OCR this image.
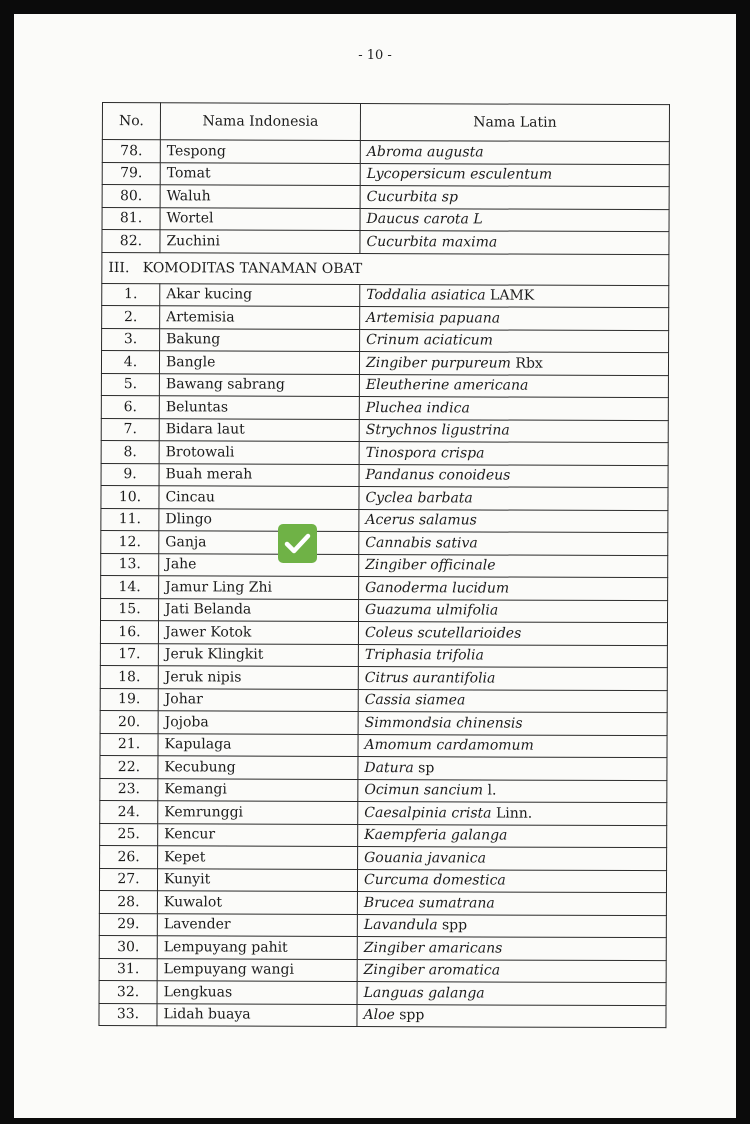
- 10 -
No.	Nama Indonesia	Nama Latin
78.	Tespong	Abroma augusta
79.	Tomat	Lycopersicum esculentum
80.	Waluh	Cucurbita sp
81.	Wortel	Daucus carota L
82.	Zuchini	Cucurbita maxima
III.   KOMODITAS TANAMAN OBAT		
1.	Akar kucing	Toddalia asiatica LAMK
2.	Artemisia	Artemisia papuana
3.	Bakung	Crinum aciaticum
4.	Bangle	Zingiber purpureum Rbx
5.	Bawang sabrang	Eleutherine americana
6.	Beluntas	Pluchea indica
7.	Bidara laut	Strychnos ligustrina
8.	Brotowali	Tinospora crispa
9.	Buah merah	Pandanus conoideus
10.	Cincau	Cyclea barbata
11.	Dlingo	Acerus salamus
12.	Ganja	Cannabis sativa
13.	Jahe	Zingiber officinale
14.	Jamur Ling Zhi	Ganoderma lucidum
15.	Jati Belanda	Guazuma ulmifolia
16.	Jawer Kotok	Coleus scutellarioides
17.	Jeruk Klingkit	Triphasia trifolia
18.	Jeruk nipis	Citrus aurantifolia
19.	Johar	Cassia siamea
20.	Jojoba	Simmondsia chinensis
21.	Kapulaga	Amomum cardamomum
22.	Kecubung	Datura sp
23.	Kemangi	Ocimun sancium l.
24.	Kemrunggi	Caesalpinia crista Linn.
25.	Kencur	Kaempferia galanga
26.	Kepet	Gouania javanica
27.	Kunyit	Curcuma domestica
28.	Kuwalot	Brucea sumatrana
29.	Lavender	Lavandula spp
30.	Lempuyang pahit	Zingiber amaricans
31.	Lempuyang wangi	Zingiber aromatica
32.	Lengkuas	Languas galanga
33.	Lidah buaya	Aloe spp
